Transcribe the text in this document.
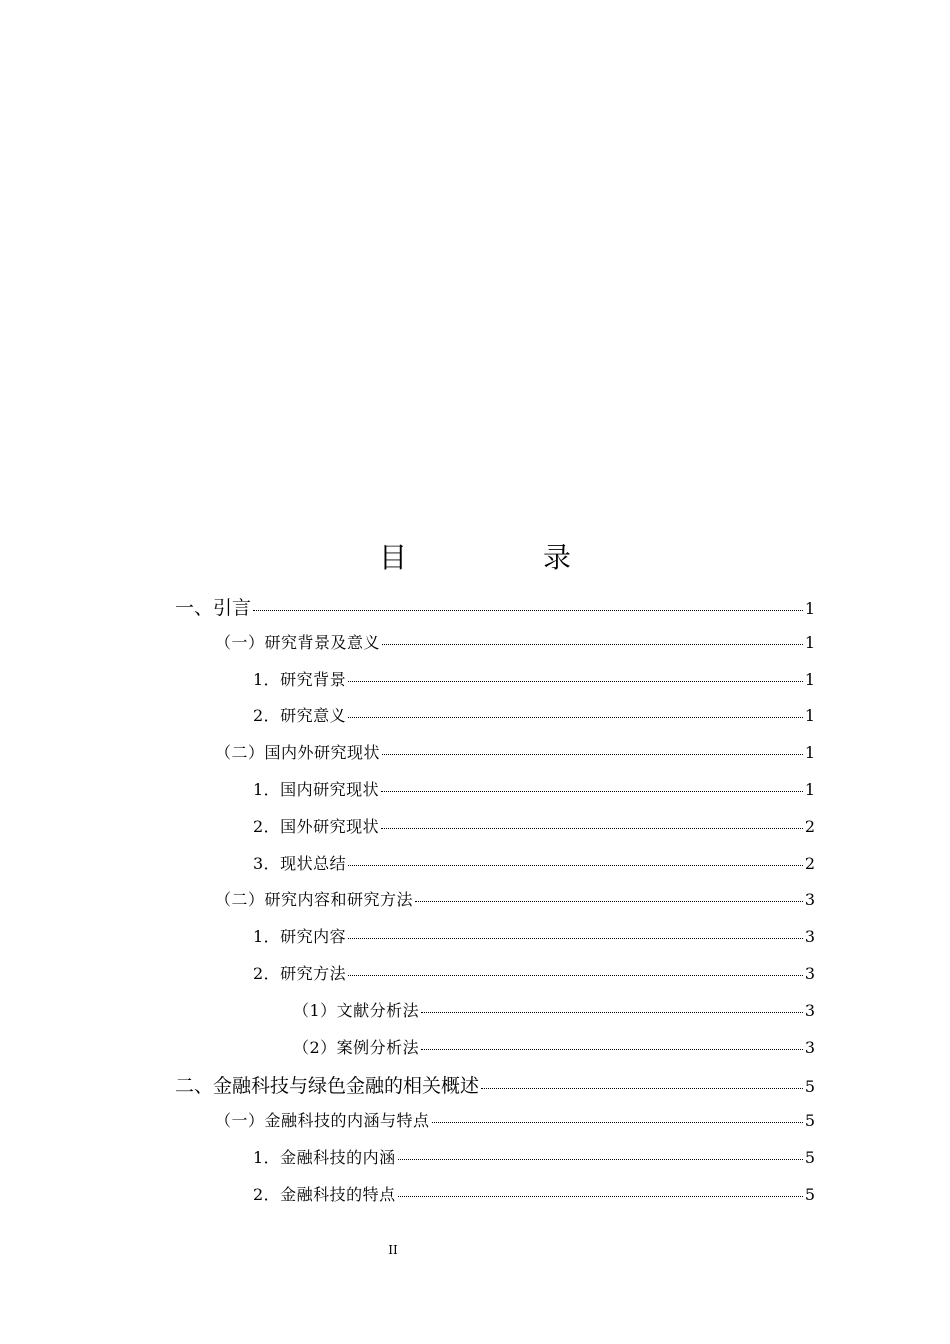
目　录
一、引言	1
（一）研究背景及意义	1
1．研究背景	1
2．研究意义	1
（二）国内外研究现状	1
1．国内研究现状	1
2．国外研究现状	2
3．现状总结	2
（二）研究内容和研究方法	3
1．研究内容	3
2．研究方法	3
（1）文献分析法	3
（2）案例分析法	3
二、金融科技与绿色金融的相关概述	5
（一）金融科技的内涵与特点	5
1．金融科技的内涵	5
2．金融科技的特点	5
II
